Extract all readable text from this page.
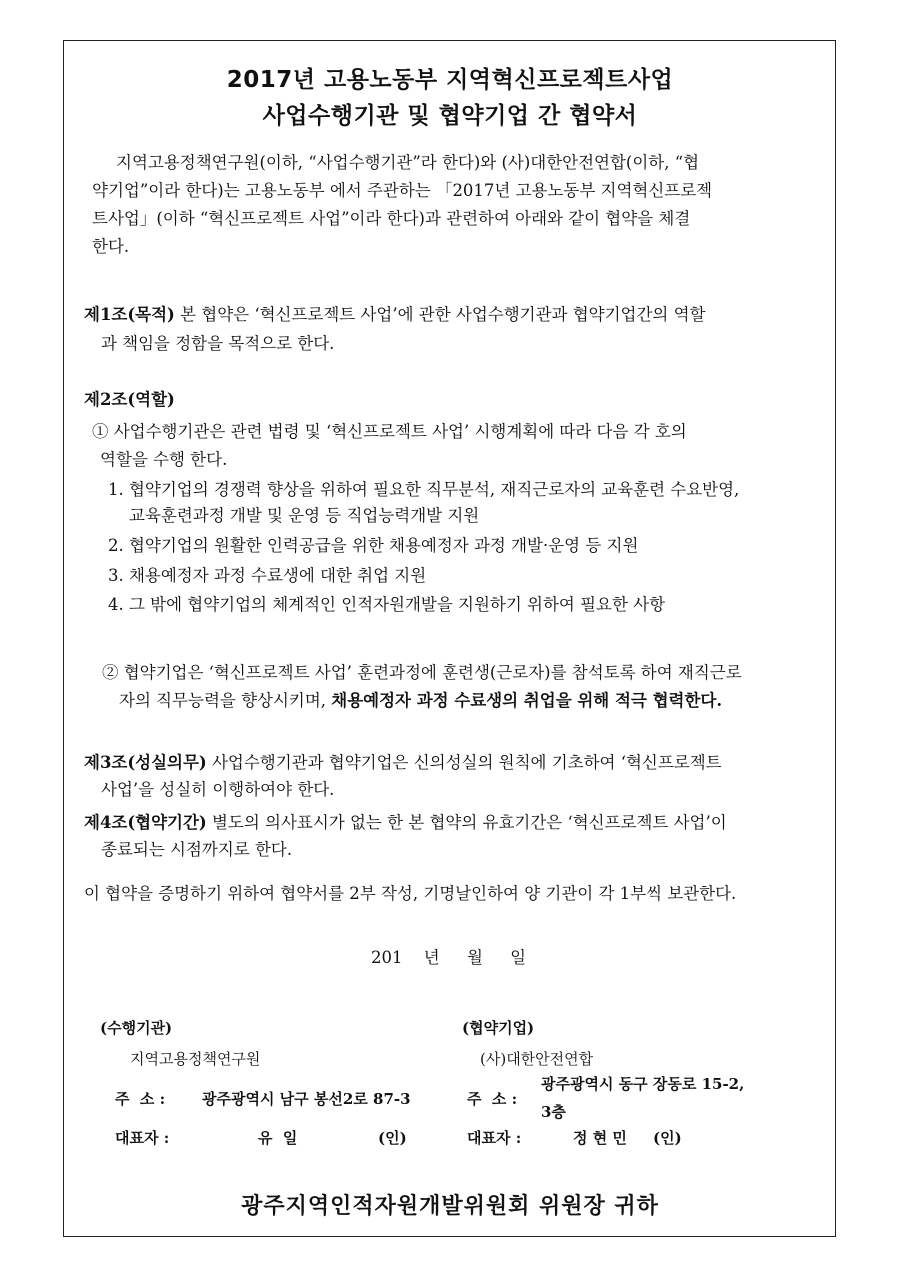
2017년 고용노동부 지역혁신프로젝트사업
사업수행기관 및 협약기업 간 협약서
지역고용정책연구원(이하, “사업수행기관”라 한다)와 (사)대한안전연합(이하, “협
약기업”이라 한다)는 고용노동부 에서 주관하는 「2017년 고용노동부 지역혁신프로젝
트사업」(이하 “혁신프로젝트 사업”이라 한다)과 관련하여 아래와 같이 협약을 체결
한다.
제1조(목적) 본 협약은 ‘혁신프로젝트 사업’에 관한 사업수행기관과 협약기업간의 역할
과 책임을 정함을 목적으로 한다.
제2조(역할)
① 사업수행기관은 관련 법령 및 ‘혁신프로젝트 사업’ 시행계획에 따라 다음 각 호의
역할을 수행 한다.
1. 협약기업의 경쟁력 향상을 위하여 필요한 직무분석, 재직근로자의 교육훈련 수요반영,
교육훈련과정 개발 및 운영 등 직업능력개발 지원
2. 협약기업의 원활한 인력공급을 위한 채용예정자 과정 개발·운영 등 지원
3. 채용예정자 과정 수료생에 대한 취업 지원
4. 그 밖에 협약기업의 체계적인 인적자원개발을 지원하기 위하여 필요한 사항
② 협약기업은 ‘혁신프로젝트 사업’ 훈련과정에 훈련생(근로자)를 참석토록 하여 재직근로
자의 직무능력을 향상시키며, 채용예정자 과정 수료생의 취업을 위해 적극 협력한다.
제3조(성실의무) 사업수행기관과 협약기업은 신의성실의 원칙에 기초하여 ‘혁신프로젝트
사업’을 성실히 이행하여야 한다.
제4조(협약기간) 별도의 의사표시가 없는 한 본 협약의 유효기간은 ‘혁신프로젝트 사업’이
종료되는 시점까지로 한다.
이 협약을 증명하기 위하여 협약서를 2부 작성, 기명날인하여 양 기관이 각 1부씩 보관한다.
201 년 월 일
(수행기관)
지역고용정책연구원
주  소 : 광주광역시 남구 봉선2로 87-3
대표자 :	유  일	(인)
(협약기업)
(사)대한안전연합
주  소 :
광주광역시 동구 장동로 15-2,
3층
대표자 :	정 현 민 (인)
광주지역인적자원개발위원회 위원장 귀하
